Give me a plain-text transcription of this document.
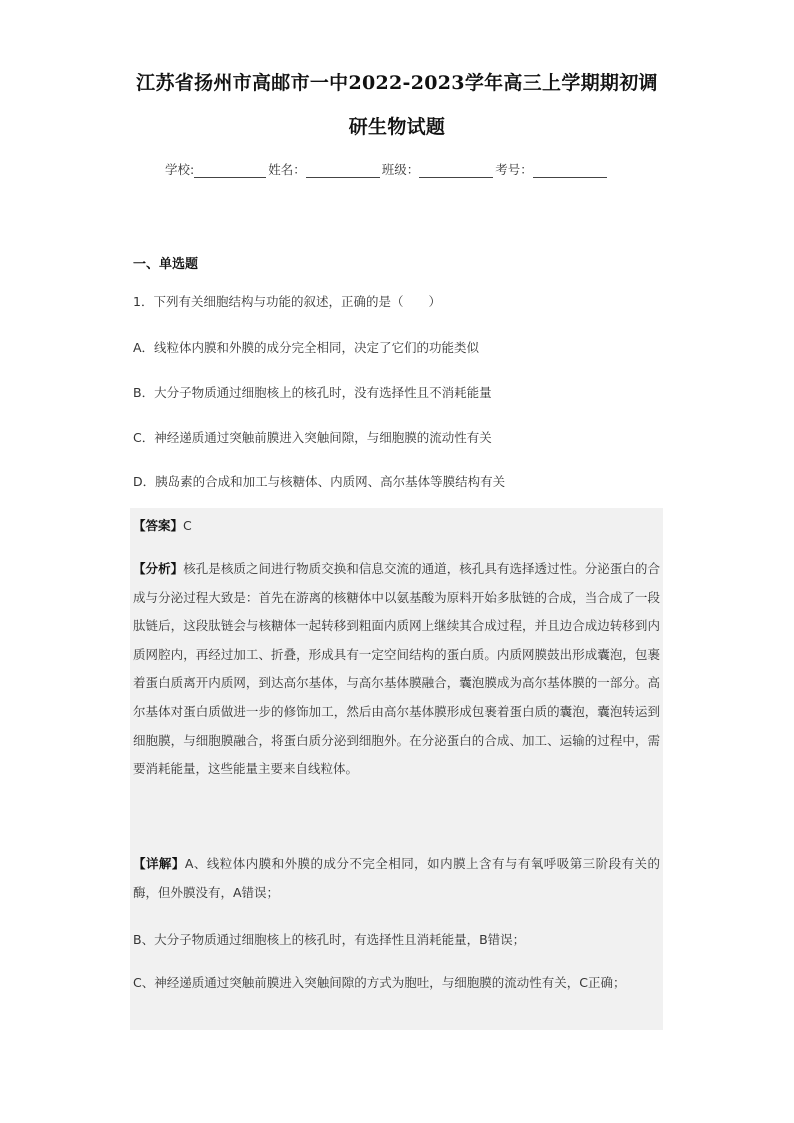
江苏省扬州市高邮市一中2022-2023学年高三上学期期初调
研生物试题
学校:	姓名：	班级：	考号：
一、单选题
1．下列有关细胞结构与功能的叙述，正确的是（　　）
A．线粒体内膜和外膜的成分完全相同，决定了它们的功能类似
B．大分子物质通过细胞核上的核孔时，没有选择性且不消耗能量
C．神经递质通过突触前膜进入突触间隙，与细胞膜的流动性有关
D．胰岛素的合成和加工与核糖体、内质网、高尔基体等膜结构有关
【答案】C
【分析】核孔是核质之间进行物质交换和信息交流的通道，核孔具有选择透过性。分泌蛋白的合成与分泌过程大致是：首先在游离的核糖体中以氨基酸为原料开始多肽链的合成，当合成了一段肽链后，这段肽链会与核糖体一起转移到粗面内质网上继续其合成过程，并且边合成边转移到内质网腔内，再经过加工、折叠，形成具有一定空间结构的蛋白质。内质网膜鼓出形成囊泡，包裹着蛋白质离开内质网，到达高尔基体，与高尔基体膜融合，囊泡膜成为高尔基体膜的一部分。高尔基体对蛋白质做进一步的修饰加工，然后由高尔基体膜形成包裹着蛋白质的囊泡，囊泡转运到细胞膜，与细胞膜融合，将蛋白质分泌到细胞外。在分泌蛋白的合成、加工、运输的过程中，需要消耗能量，这些能量主要来自线粒体。
【详解】A、线粒体内膜和外膜的成分不完全相同，如内膜上含有与有氧呼吸第三阶段有关的酶，但外膜没有，A错误；
B、大分子物质通过细胞核上的核孔时，有选择性且消耗能量，B错误；
C、神经递质通过突触前膜进入突触间隙的方式为胞吐，与细胞膜的流动性有关，C正确；
